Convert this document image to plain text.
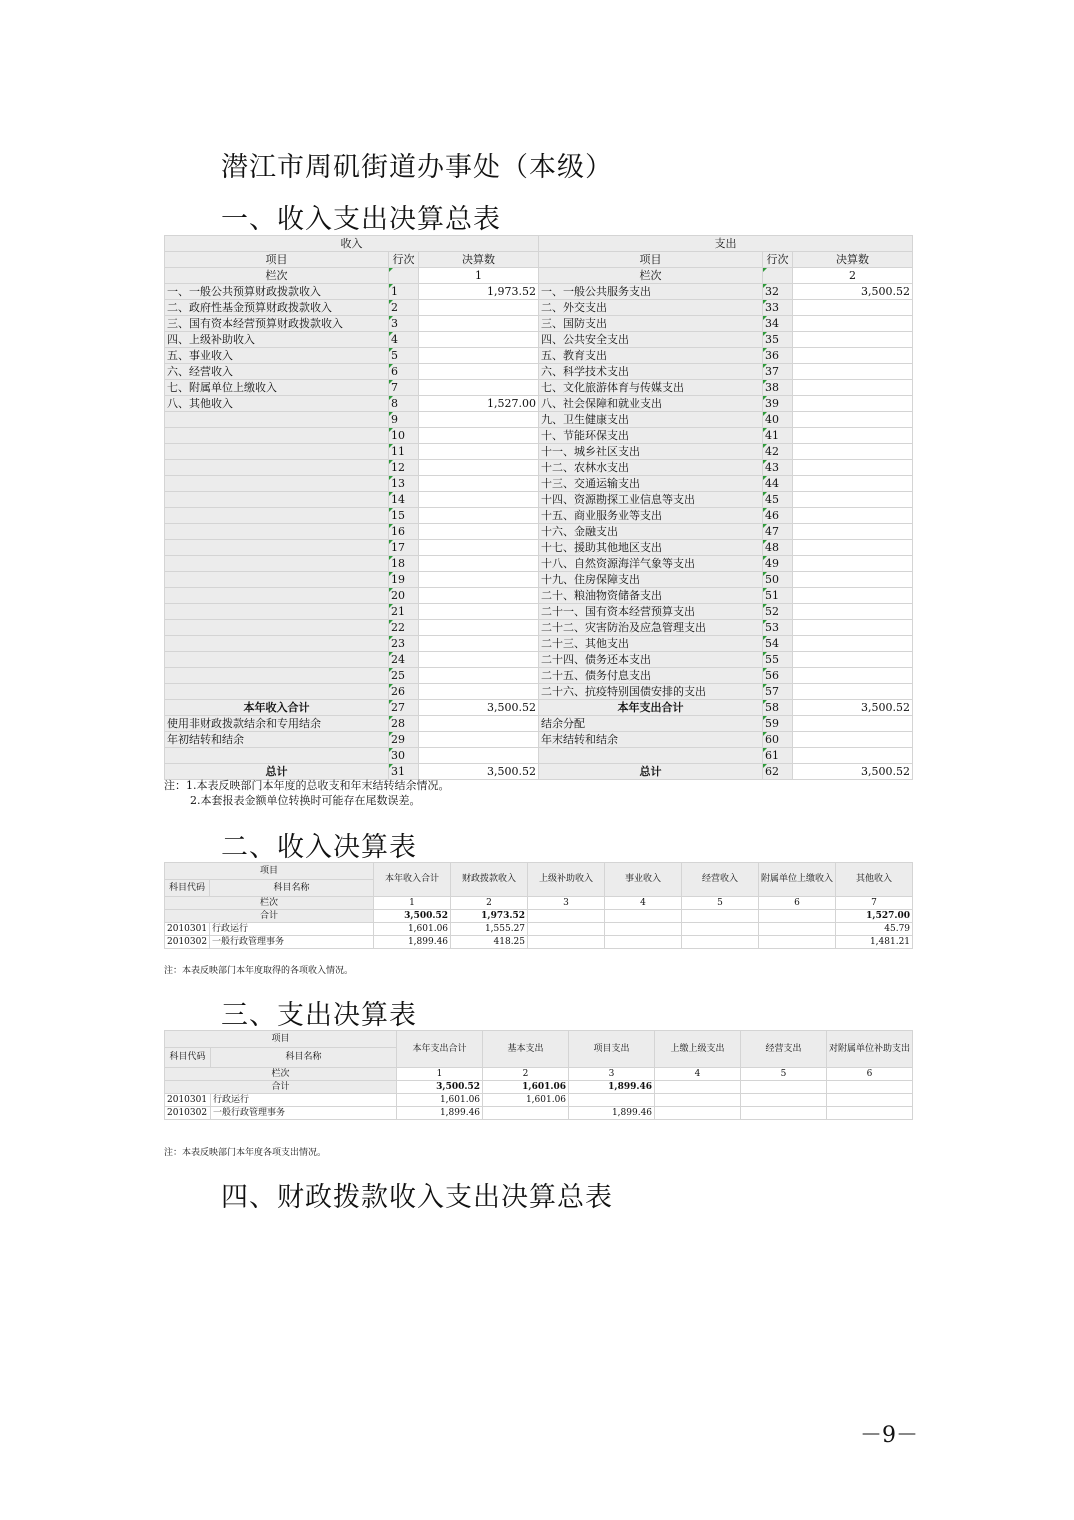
潜江市周矶街道办事处（本级）
一、收入支出决算总表
收入			支出		
项目	行次	决算数	项目	行次	决算数
栏次		1	栏次		2
一、一般公共预算财政拨款收入	1	1,973.52	一、一般公共服务支出	32	3,500.52
二、政府性基金预算财政拨款收入	2		二、外交支出	33	
三、国有资本经营预算财政拨款收入	3		三、国防支出	34	
四、上级补助收入	4		四、公共安全支出	35	
五、事业收入	5		五、教育支出	36	
六、经营收入	6		六、科学技术支出	37	
七、附属单位上缴收入	7		七、文化旅游体育与传媒支出	38	
八、其他收入	8	1,527.00	八、社会保障和就业支出	39	
	9		九、卫生健康支出	40	
	10		十、节能环保支出	41	
	11		十一、城乡社区支出	42	
	12		十二、农林水支出	43	
	13		十三、交通运输支出	44	
	14		十四、资源勘探工业信息等支出	45	
	15		十五、商业服务业等支出	46	
	16		十六、金融支出	47	
	17		十七、援助其他地区支出	48	
	18		十八、自然资源海洋气象等支出	49	
	19		十九、住房保障支出	50	
	20		二十、粮油物资储备支出	51	
	21		二十一、国有资本经营预算支出	52	
	22		二十二、灾害防治及应急管理支出	53	
	23		二十三、其他支出	54	
	24		二十四、债务还本支出	55	
	25		二十五、债务付息支出	56	
	26		二十六、抗疫特别国债安排的支出	57	
本年收入合计	27	3,500.52	本年支出合计	58	3,500.52
使用非财政拨款结余和专用结余	28		结余分配	59	
年初结转和结余	29		年末结转和结余	60	
	30			61	
总计	31	3,500.52	总计	62	3,500.52

注：1.本表反映部门本年度的总收支和年末结转结余情况。

2.本套报表金额单位转换时可能存在尾数误差。

二、收入决算表
项目		本年收入合计	财政拨款收入	上级补助收入	事业收入	经营收入	附属单位上缴收入	其他收入
科目代码	科目名称							

栏次		1	2	3	4	5	6	7
合计		3,500.52	1,973.52					1,527.00
2010301	行政运行	1,601.06	1,555.27					45.79
2010302	一般行政管理事务	1,899.46	418.25					1,481.21

注：本表反映部门本年度取得的各项收入情况。

三、支出决算表
项目		本年支出合计	基本支出	项目支出	上缴上级支出	经营支出	对附属单位补助支出
科目代码	科目名称						

栏次		1	2	3	4	5	6
合计		3,500.52	1,601.06	1,899.46			
2010301	行政运行	1,601.06	1,601.06				
2010302	一般行政管理事务	1,899.46		1,899.46			

注：本表反映部门本年度各项支出情况。

四、财政拨款收入支出决算总表
－9－
